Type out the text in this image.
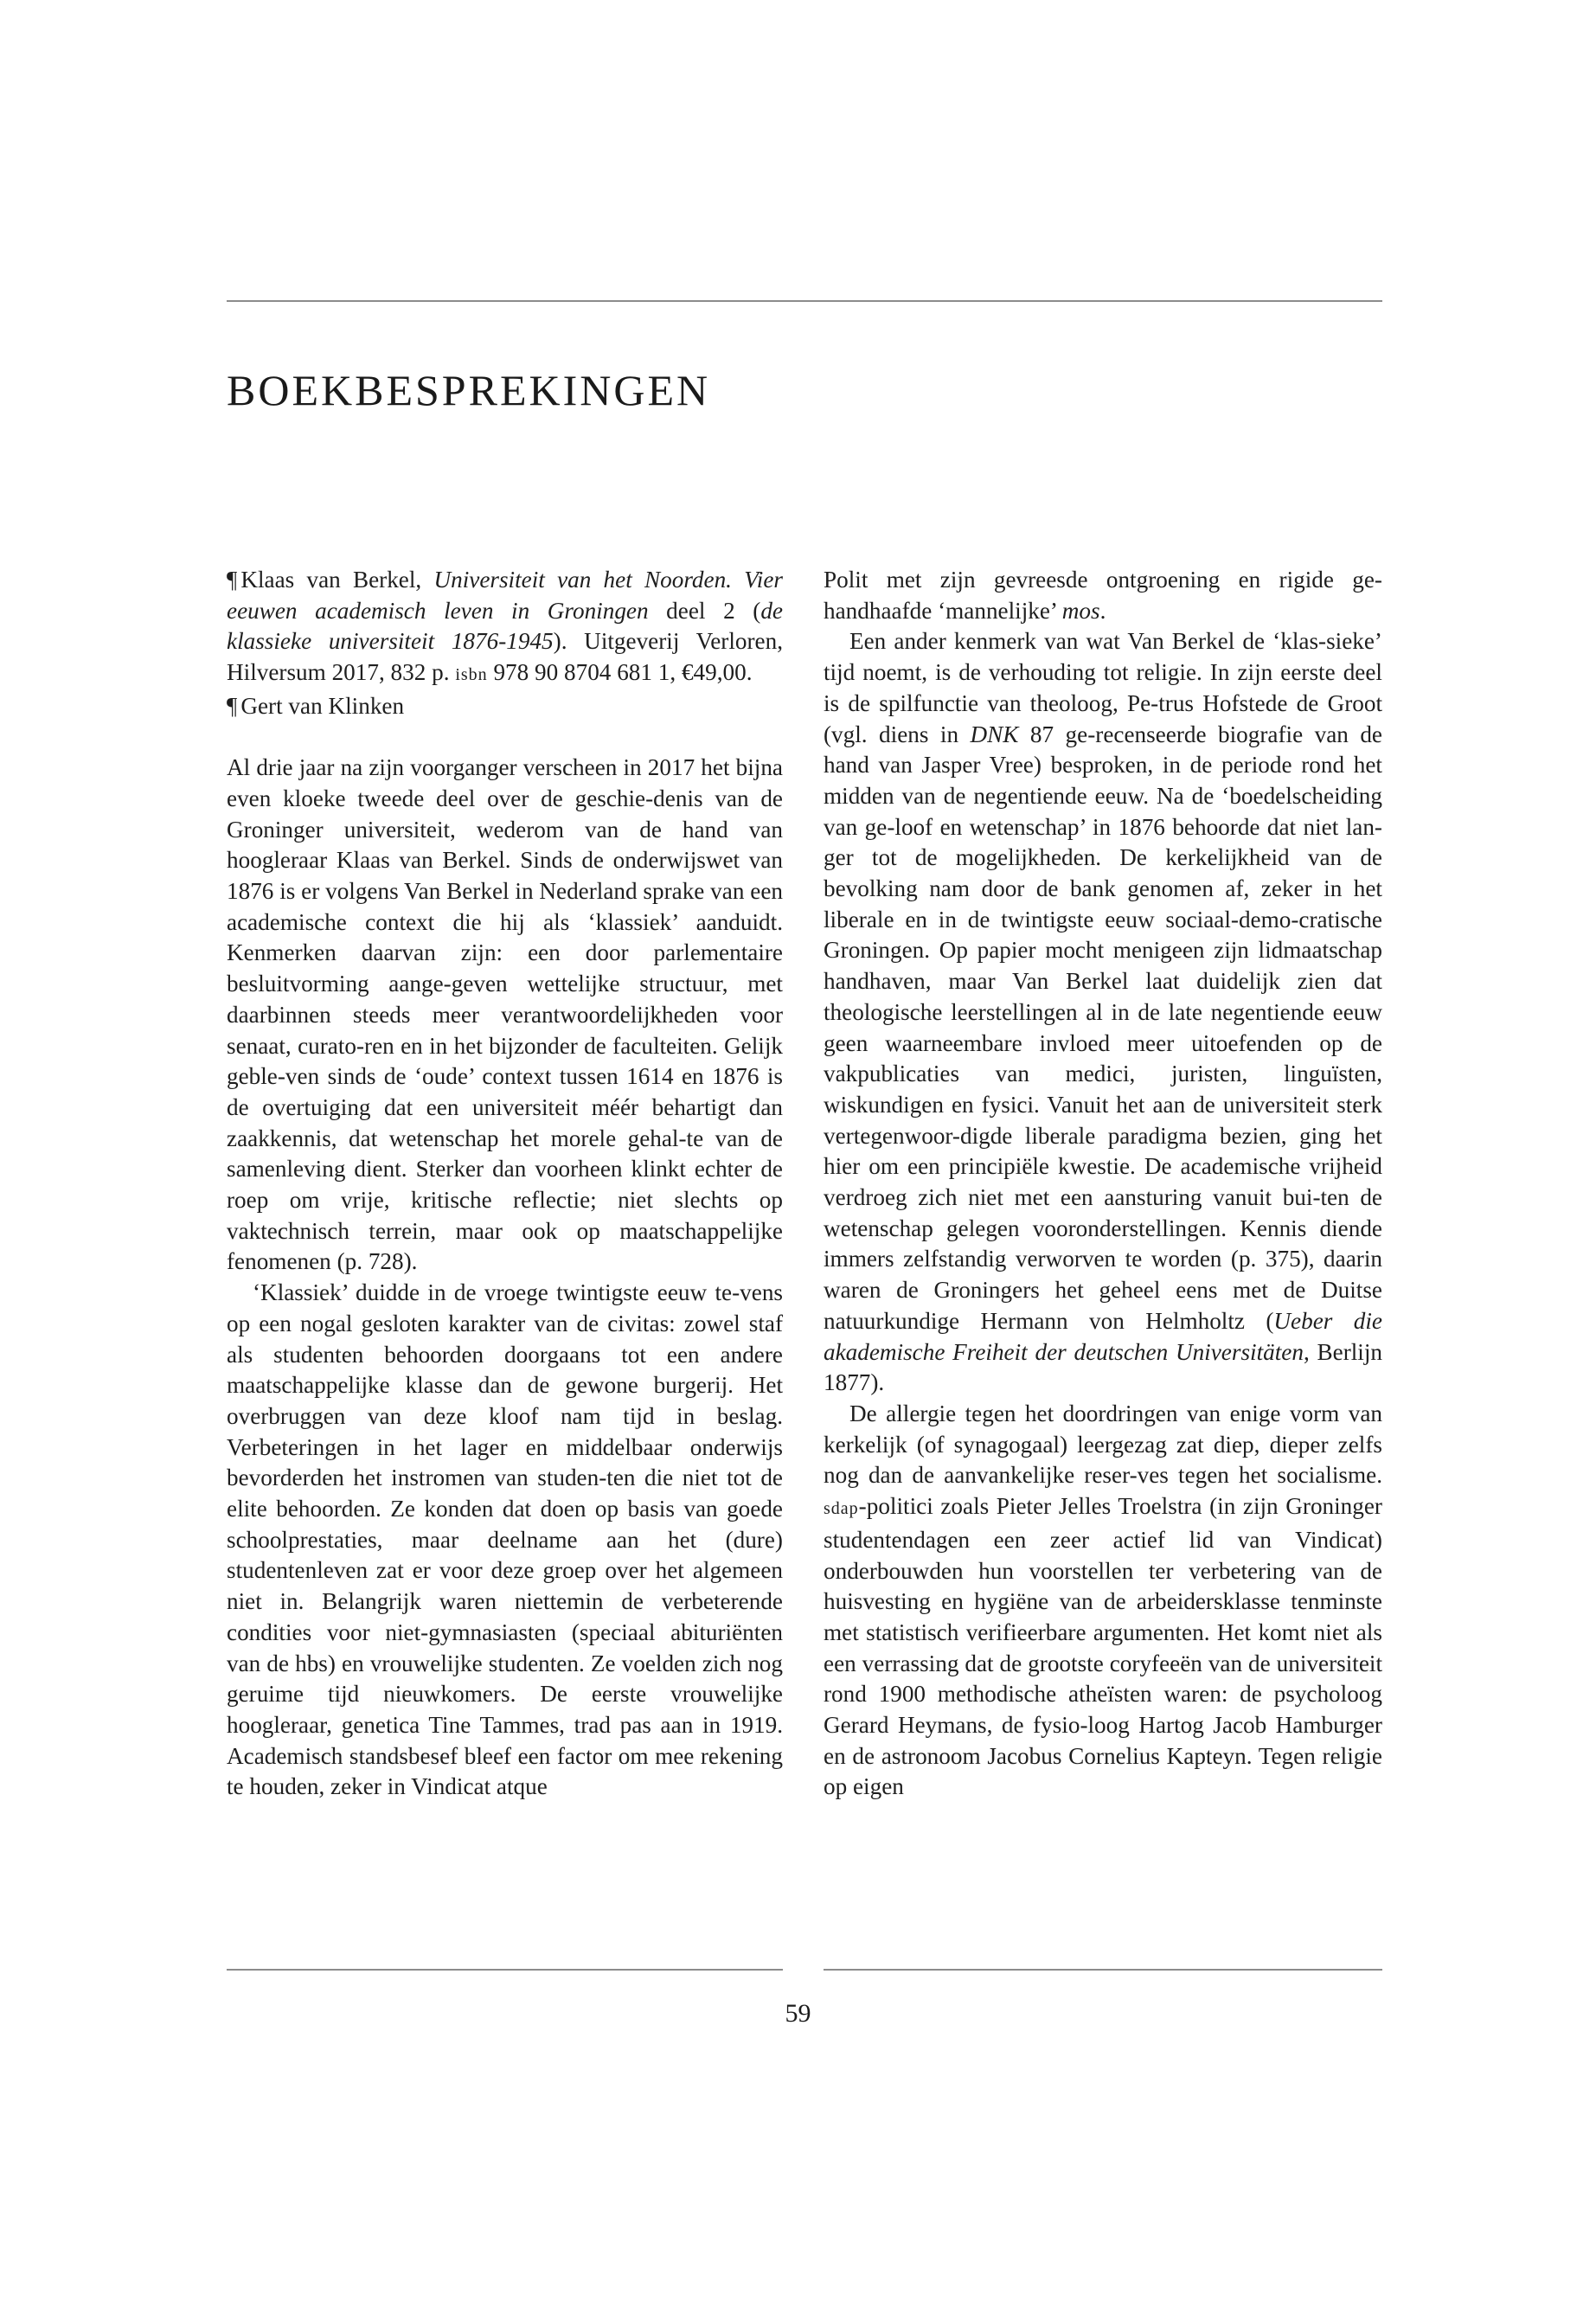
BOEKBESPREKINGEN

¶ Klaas van Berkel, Universiteit van het Noorden. Vier eeuwen academisch leven in Groningen deel 2 (de klassieke universiteit 1876-1945). Uitgeverij Verloren, Hilversum 2017, 832 p. isbn 978 90 8704 681 1, €49,00.

¶ Gert van Klinken

Al drie jaar na zijn voorganger verscheen in 2017 het bijna even kloeke tweede deel over de geschie-denis van de Groninger universiteit, wederom van de hand van hoogleraar Klaas van Berkel. Sinds de onderwijswet van 1876 is er volgens Van Berkel in Nederland sprake van een academische context die hij als ‘klassiek’ aanduidt. Kenmerken daarvan zijn: een door parlementaire besluitvorming aange-geven wettelijke structuur, met daarbinnen steeds meer verantwoordelijkheden voor senaat, curato-ren en in het bijzonder de faculteiten. Gelijk geble-ven sinds de ‘oude’ context tussen 1614 en 1876 is de overtuiging dat een universiteit méér behartigt dan zaakkennis, dat wetenschap het morele gehal-te van de samenleving dient. Sterker dan voorheen klinkt echter de roep om vrije, kritische reflectie; niet slechts op vaktechnisch terrein, maar ook op maatschappelijke fenomenen (p. 728).

‘Klassiek’ duidde in de vroege twintigste eeuw te-vens op een nogal gesloten karakter van de civitas: zowel staf als studenten behoorden doorgaans tot een andere maatschappelijke klasse dan de gewone burgerij. Het overbruggen van deze kloof nam tijd in beslag. Verbeteringen in het lager en middelbaar onderwijs bevorderden het instromen van studen-ten die niet tot de elite behoorden. Ze konden dat doen op basis van goede schoolprestaties, maar deelname aan het (dure) studentenleven zat er voor deze groep over het algemeen niet in. Belangrijk waren niettemin de verbeterende condities voor niet-gymnasiasten (speciaal abituriënten van de hbs) en vrouwelijke studenten. Ze voelden zich nog geruime tijd nieuwkomers. De eerste vrouwelijke hoogleraar, genetica Tine Tammes, trad pas aan in 1919. Academisch standsbesef bleef een factor om mee rekening te houden, zeker in Vindicat atque

Polit met zijn gevreesde ontgroening en rigide ge-handhaafde ‘mannelijke’ mos.

Een ander kenmerk van wat Van Berkel de ‘klas-sieke’ tijd noemt, is de verhouding tot religie. In zijn eerste deel is de spilfunctie van theoloog, Pe-trus Hofstede de Groot (vgl. diens in DNK 87 ge-recenseerde biografie van de hand van Jasper Vree) besproken, in de periode rond het midden van de negentiende eeuw. Na de ‘boedelscheiding van ge-loof en wetenschap’ in 1876 behoorde dat niet lan-ger tot de mogelijkheden. De kerkelijkheid van de bevolking nam door de bank genomen af, zeker in het liberale en in de twintigste eeuw sociaal-demo-cratische Groningen. Op papier mocht menigeen zijn lidmaatschap handhaven, maar Van Berkel laat duidelijk zien dat theologische leerstellingen al in de late negentiende eeuw geen waarneembare invloed meer uitoefenden op de vakpublicaties van medici, juristen, linguïsten, wiskundigen en fysici. Vanuit het aan de universiteit sterk vertegenwoor-digde liberale paradigma bezien, ging het hier om een principiële kwestie. De academische vrijheid verdroeg zich niet met een aansturing vanuit bui-ten de wetenschap gelegen vooronderstellingen. Kennis diende immers zelfstandig verworven te worden (p. 375), daarin waren de Groningers het geheel eens met de Duitse natuurkundige Hermann von Helmholtz (Ueber die akademische Freiheit der deutschen Universitäten, Berlijn 1877).

De allergie tegen het doordringen van enige vorm van kerkelijk (of synagogaal) leergezag zat diep, dieper zelfs nog dan de aanvankelijke reser-ves tegen het socialisme. sdap-politici zoals Pieter Jelles Troelstra (in zijn Groninger studentendagen een zeer actief lid van Vindicat) onderbouwden hun voorstellen ter verbetering van de huisvesting en hygiëne van de arbeidersklasse tenminste met statistisch verifieerbare argumenten. Het komt niet als een verrassing dat de grootste coryfeeën van de universiteit rond 1900 methodische atheïsten waren: de psycholoog Gerard Heymans, de fysio-loog Hartog Jacob Hamburger en de astronoom Jacobus Cornelius Kapteyn. Tegen religie op eigen

59
